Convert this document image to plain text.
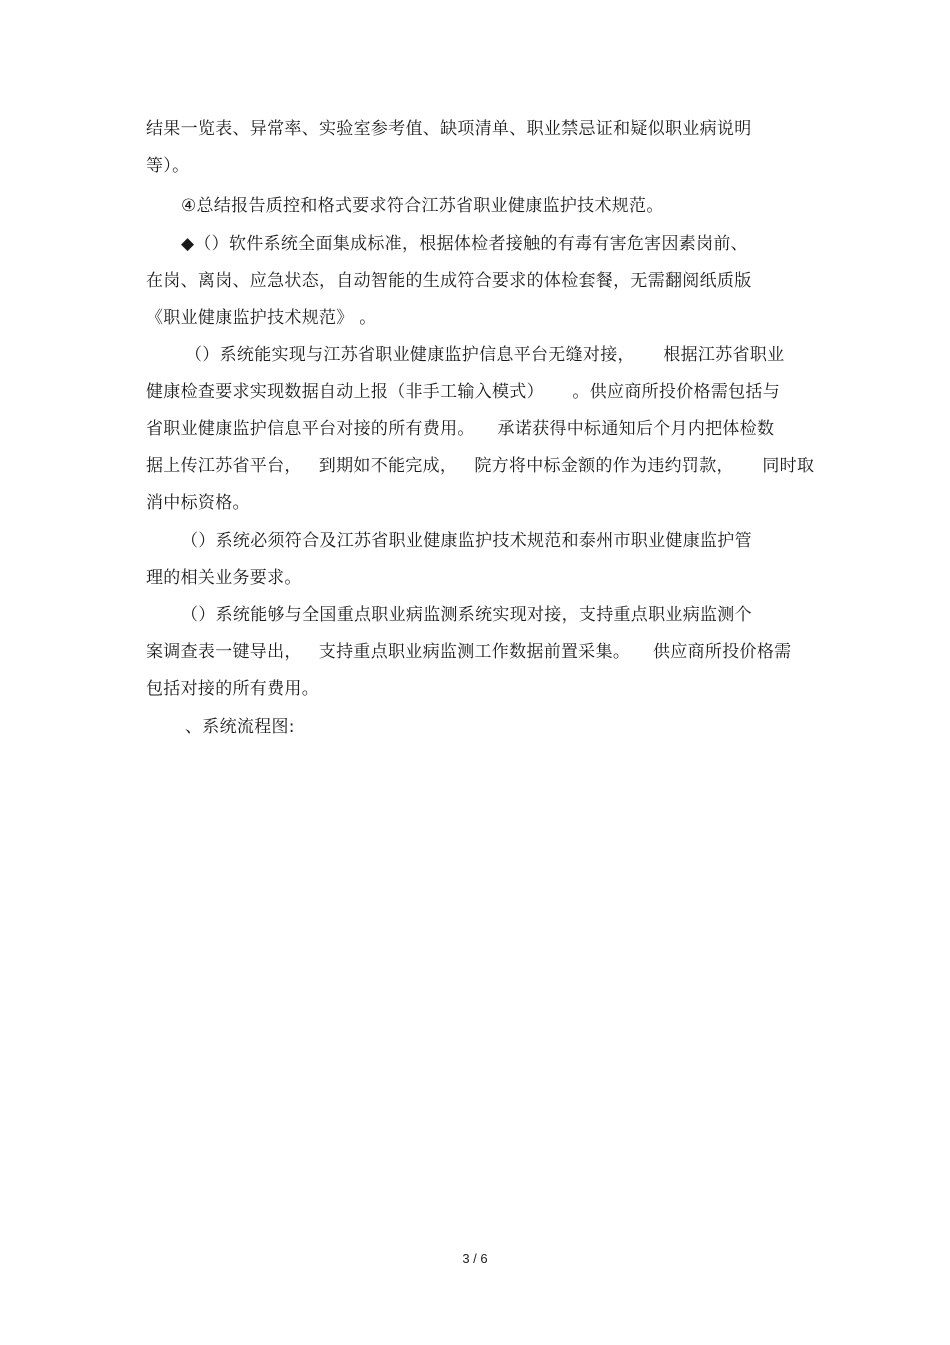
结果一览表、异常率、实验室参考值、缺项清单、职业禁忌证和疑似职业病说明
等）。
④总结报告质控和格式要求符合江苏省职业健康监护技术规范。
◆（）软件系统全面集成标准，根据体检者接触的有毒有害危害因素岗前、
在岗、离岗、应急状态，自动智能的生成符合要求的体检套餐，无需翻阅纸质版
《职业健康监护技术规范》 。
（）系统能实现与江苏省职业健康监护信息平台无缝对接，     根据江苏省职业
健康检查要求实现数据自动上报（非手工输入模式）     。供应商所投价格需包括与
省职业健康监护信息平台对接的所有费用。    承诺获得中标通知后个月内把体检数
据上传江苏省平台，   到期如不能完成，   院方将中标金额的作为违约罚款，     同时取
消中标资格。
（）系统必须符合及江苏省职业健康监护技术规范和泰州市职业健康监护管
理的相关业务要求。
（）系统能够与全国重点职业病监测系统实现对接，支持重点职业病监测个
案调查表一键导出，   支持重点职业病监测工作数据前置采集。    供应商所投价格需
包括对接的所有费用。
、系统流程图:
3 / 6
